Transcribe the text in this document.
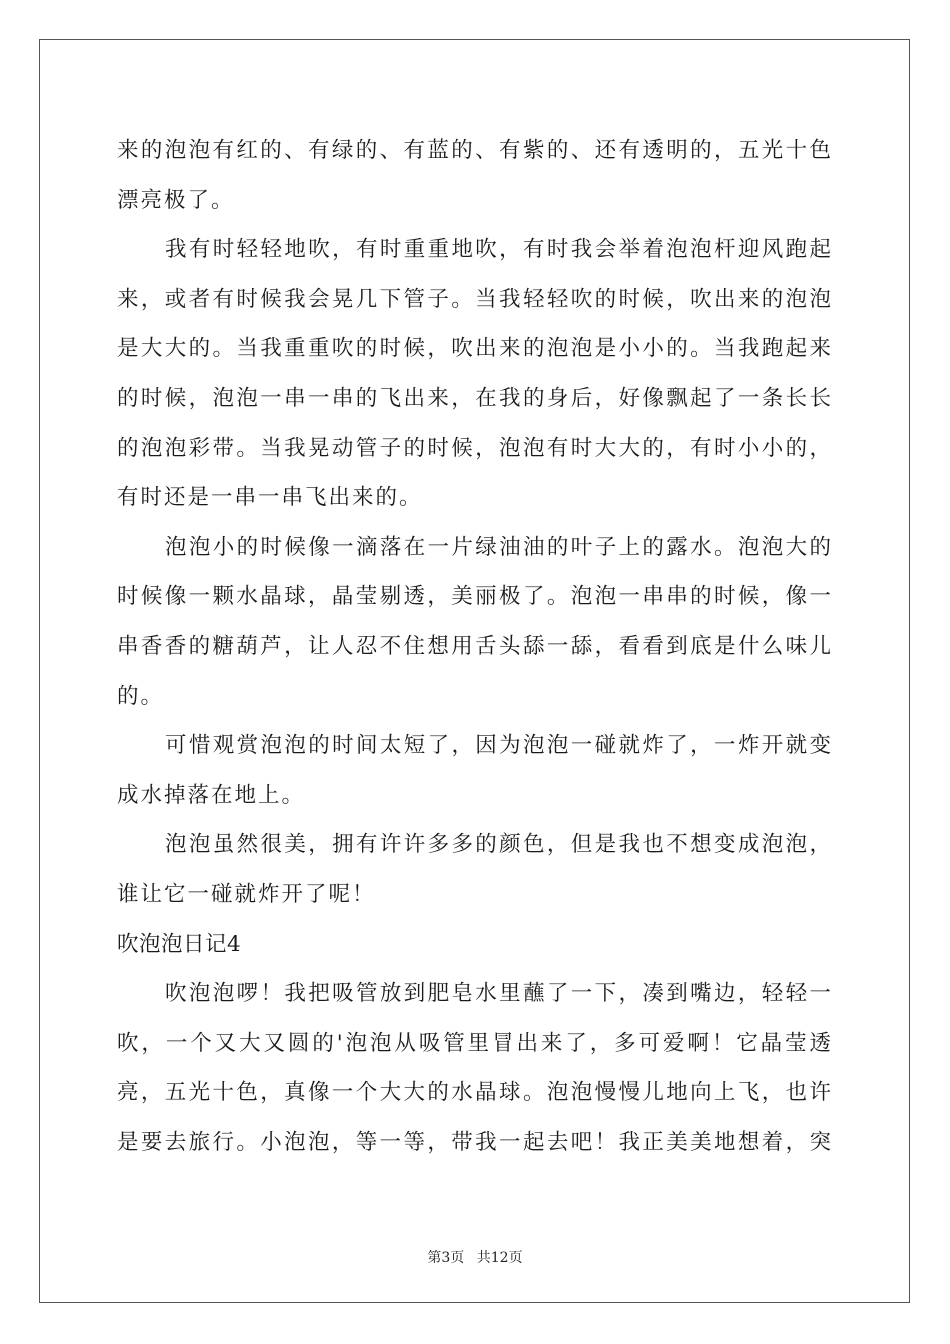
来的泡泡有红的、有绿的、有蓝的、有紫的、还有透明的，五光十色
漂亮极了。
我有时轻轻地吹，有时重重地吹，有时我会举着泡泡杆迎风跑起
来，或者有时候我会晃几下管子。当我轻轻吹的时候，吹出来的泡泡
是大大的。当我重重吹的时候，吹出来的泡泡是小小的。当我跑起来
的时候，泡泡一串一串的飞出来，在我的身后，好像飘起了一条长长
的泡泡彩带。当我晃动管子的时候，泡泡有时大大的，有时小小的，
有时还是一串一串飞出来的。
泡泡小的时候像一滴落在一片绿油油的叶子上的露水。泡泡大的
时候像一颗水晶球，晶莹剔透，美丽极了。泡泡一串串的时候，像一
串香香的糖葫芦，让人忍不住想用舌头舔一舔，看看到底是什么味儿
的。
可惜观赏泡泡的时间太短了，因为泡泡一碰就炸了，一炸开就变
成水掉落在地上。
泡泡虽然很美，拥有许许多多的颜色，但是我也不想变成泡泡，
谁让它一碰就炸开了呢！
吹泡泡日记4
吹泡泡啰！我把吸管放到肥皂水里蘸了一下，凑到嘴边，轻轻一
吹，一个又大又圆的'泡泡从吸管里冒出来了，多可爱啊！它晶莹透
亮，五光十色，真像一个大大的水晶球。泡泡慢慢儿地向上飞，也许
是要去旅行。小泡泡，等一等，带我一起去吧！我正美美地想着，突
第3页 共12页
